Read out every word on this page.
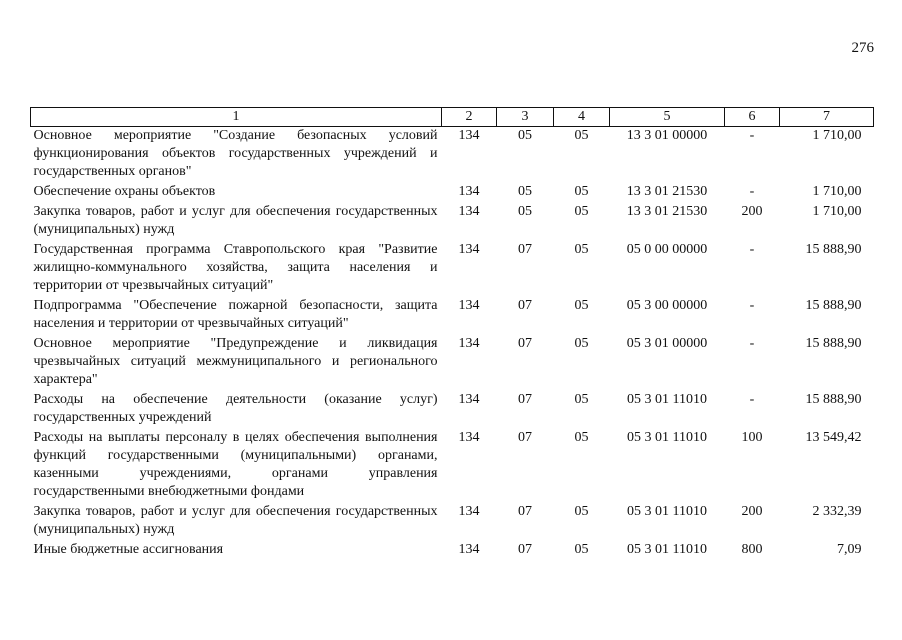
276
1	2	3	4	5	6	7
Основное мероприятие "Создание безопасных условий функционирования объектов государственных учреждений и государственных органов"	134	05	05	13 3 01 00000	-	1 710,00
Обеспечение охраны объектов	134	05	05	13 3 01 21530	-	1 710,00
Закупка товаров, работ и услуг для обеспечения государственных (муниципальных) нужд	134	05	05	13 3 01 21530	200	1 710,00
Государственная программа Ставропольского края "Развитие жилищно-коммунального хозяйства, защита населения и территории от чрезвычайных ситуаций"	134	07	05	05 0 00 00000	-	15 888,90
Подпрограмма "Обеспечение пожарной безопасности, защита населения и территории от чрезвычайных ситуаций"	134	07	05	05 3 00 00000	-	15 888,90
Основное мероприятие "Предупреждение и ликвидация чрезвычайных ситуаций межмуниципального и регионального характера"	134	07	05	05 3 01 00000	-	15 888,90
Расходы на обеспечение деятельности (оказание услуг) государственных учреждений	134	07	05	05 3 01 11010	-	15 888,90
Расходы на выплаты персоналу в целях обеспечения выполнения функций государственными (муниципальными) органами, казенными учреждениями, органами управления государственными внебюджетными фондами	134	07	05	05 3 01 11010	100	13 549,42
Закупка товаров, работ и услуг для обеспечения государственных (муниципальных) нужд	134	07	05	05 3 01 11010	200	2 332,39
Иные бюджетные ассигнования	134	07	05	05 3 01 11010	800	7,09
